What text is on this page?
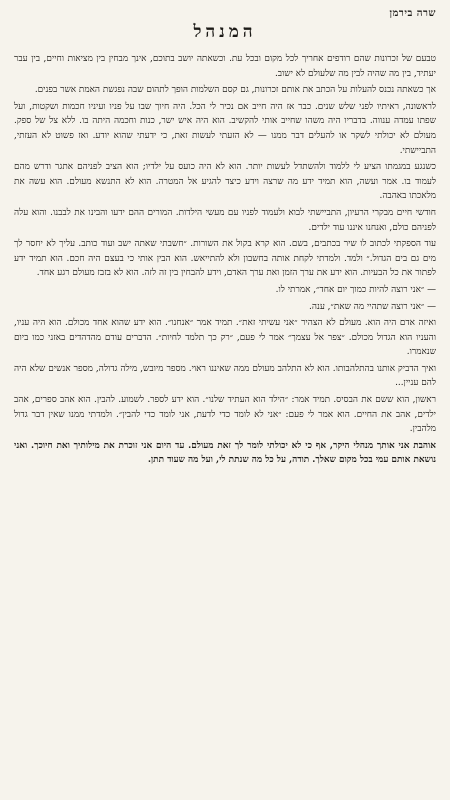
שרה בירמן
המנהל

טבעם של זכרונות שהם רודפים אחריך לכל מקום ובכל עת. וכשאתה יושב בתוכם, אינך מבחין בין מציאות וחיים, בין עבר יעתיד, בין מה שהיה לבין מה שלעולם לא ישוב.

אך כשאתה נכנס להעלות על הכתב את אותם זכרונות, גם קסם השלמות הופך לתהום שבה נפגשת האמת אשר בפנים.

לראשונה, ראיתיו לפני שלש שנים. כבר אז היה חייב אם נכיר לי הכל. היה חיוך שבו על פניו ועיניו חכמות ושקטות, ועל שפתו עמדה ענווה. בדבריו היה משהו שחייב אותי להקשיב. הוא היה איש ישר, כנות וחכמה היתה בו. ללא צל של ספק. מעולם לא יכולתי לשקר או להעלים דבר ממנו — לא הזעתי לעשות זאת, כי ידעתי שהוא יודע. ואז פשוט לא העזתי, התביישתי.

כשנגע במגמתו הציע לי ללמוד ולהשתדל לעשות יותר. הוא לא היה כועס על ילדיו; הוא הציב לפניהם אתגר ודרש מהם לעמוד בו. אמר ועשה, הוא תמיד ידע מה שרצה וידע כיצד להגיע אל המטרה. הוא לא התנשא מעולם. הוא עשה את מלאכתו באהבה.

חודשי חיים מבקרי הרעיון, התביישתי לבוא ולעמוד לפניו עם מעשי הילדות. המורים ההם ידעו והבינו את לבבנו. והוא עלה לפניהם כולם, ואנחנו איננו עוד ילדים.

עוד הספקתי לכתוב לו שיר בכתבים, בשם. הוא קרא בקול את השורות. ״חשבתי שאתה ישב ועוד כותב. עליך לא יחסר לך מים גם בים הגדול.״ ולמד. ולמדתי לקחת אותה בחשבון ולא להתייאש. הוא הבין אותי כי בעצם היה חכם. הוא תמיד ידע לפתור את כל הבעיות. הוא ידע את ערך הזמן ואת ערך האדם, וידע להבחין בין זה לזה. הוא לא בזבז מעולם רגע אחד.

— ״אני רוצה להיות כמוך יום אחד״, אמרתי לו.

— ״אני רוצה שתהיי מה שאת״, ענה.

ואיזה אדם היה הוא. מעולם לא הצהיר ״אני עשיתי זאת״. תמיד אמר ״אנחנו״. הוא ידע שהוא אחד מכולם. הוא היה עניו, והעניו הוא הגדול מכולם. ״צפר אל עצמך״ אמר לי פעם, ״רק כך תלמד לחיות״. הדברים עודם מהדהדים באזני כמו ביום שנאמרו.

ואיך הדביק אותנו בהתלהבותו. הוא לא התלהב מעולם ממה שאיננו ראוי. מספר מיובש, מילה גדולה, מספר אנשים שלא היה להם עניין...

ראשון, הוא ששם את הבסיס. תמיד אמר: ״הילד הוא העתיד שלנו״. הוא ידע לספר. לשמוע. להבין. הוא אהב ספרים, אהב ילדים, אהב את החיים. הוא אמר לי פעם: ״אני לא לומד כדי לדעת, אני לומד כדי להבין״. ולמדתי ממנו שאין דבר גדול מלהבין.

אוהבת אני אותך מנהלי היקר, אף כי לא יכולתי לומר לך זאת מעולם. עד היום אני זוכרת את מילותיך ואת חיוכך. ואני נושאת אותם עמי בכל מקום שאלך. תודה, על כל מה שנתת לי, ועל מה שעוד תתן.
